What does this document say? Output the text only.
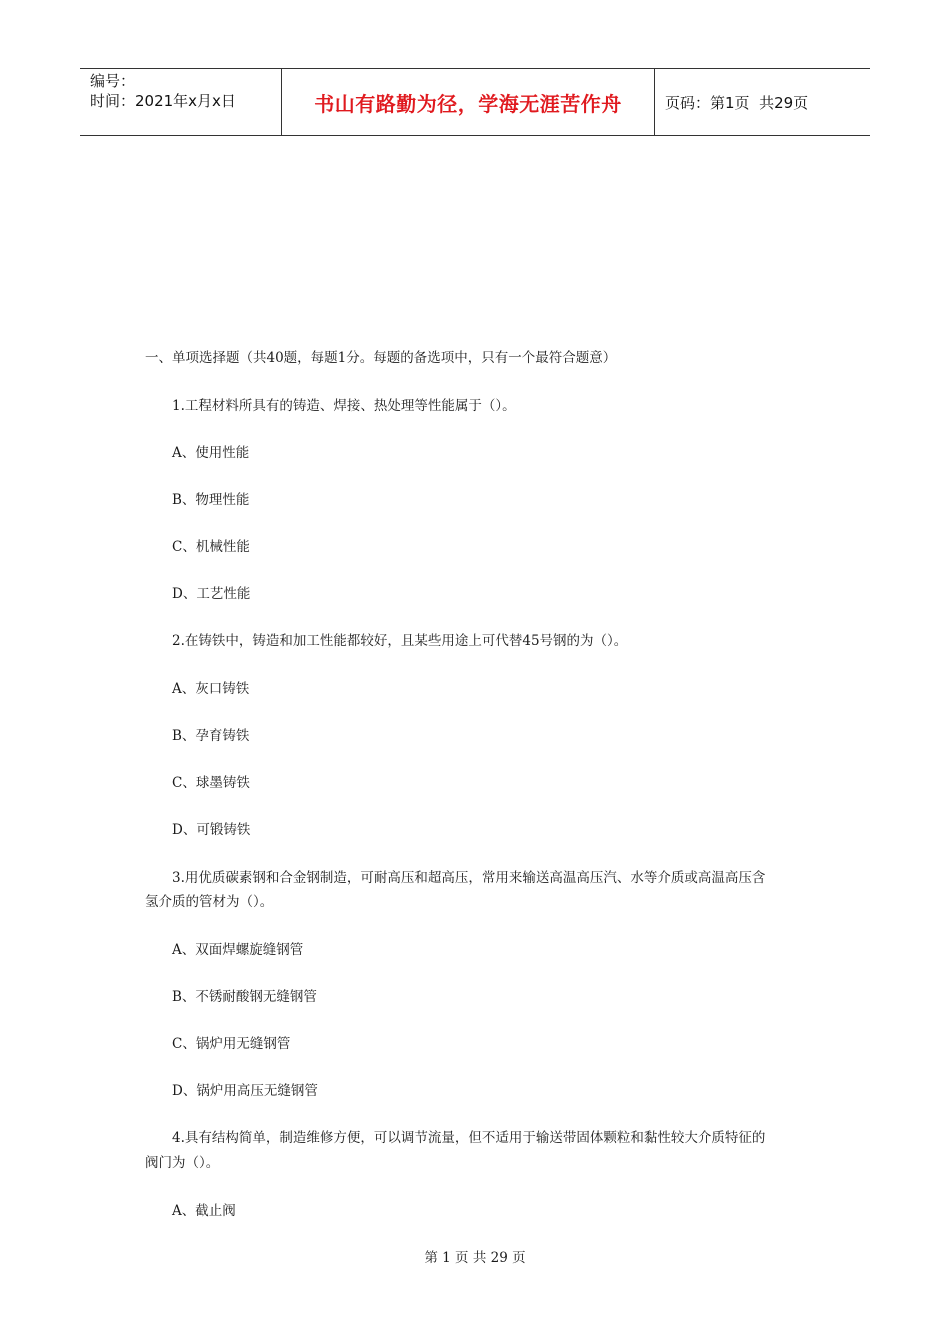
编号：
时间：2021年x月x日	书山有路勤为径，学海无涯苦作舟	页码：第1页  共29页
一、单项选择题（共40题，每题1分。每题的备选项中，只有一个最符合题意）
1.工程材料所具有的铸造、焊接、热处理等性能属于（）。
A、使用性能
B、物理性能
C、机械性能
D、工艺性能
2.在铸铁中，铸造和加工性能都较好，且某些用途上可代替45号钢的为（）。
A、灰口铸铁
B、孕育铸铁
C、球墨铸铁
D、可锻铸铁
3.用优质碳素钢和合金钢制造，可耐高压和超高压，常用来输送高温高压汽、水等介质或高温高压含
氢介质的管材为（）。
A、双面焊螺旋缝钢管
B、不锈耐酸钢无缝钢管
C、锅炉用无缝钢管
D、锅炉用高压无缝钢管
4.具有结构简单，制造维修方便，可以调节流量，但不适用于输送带固体颗粒和黏性较大介质特征的
阀门为（）。
A、截止阀
第 1 页 共 29 页
